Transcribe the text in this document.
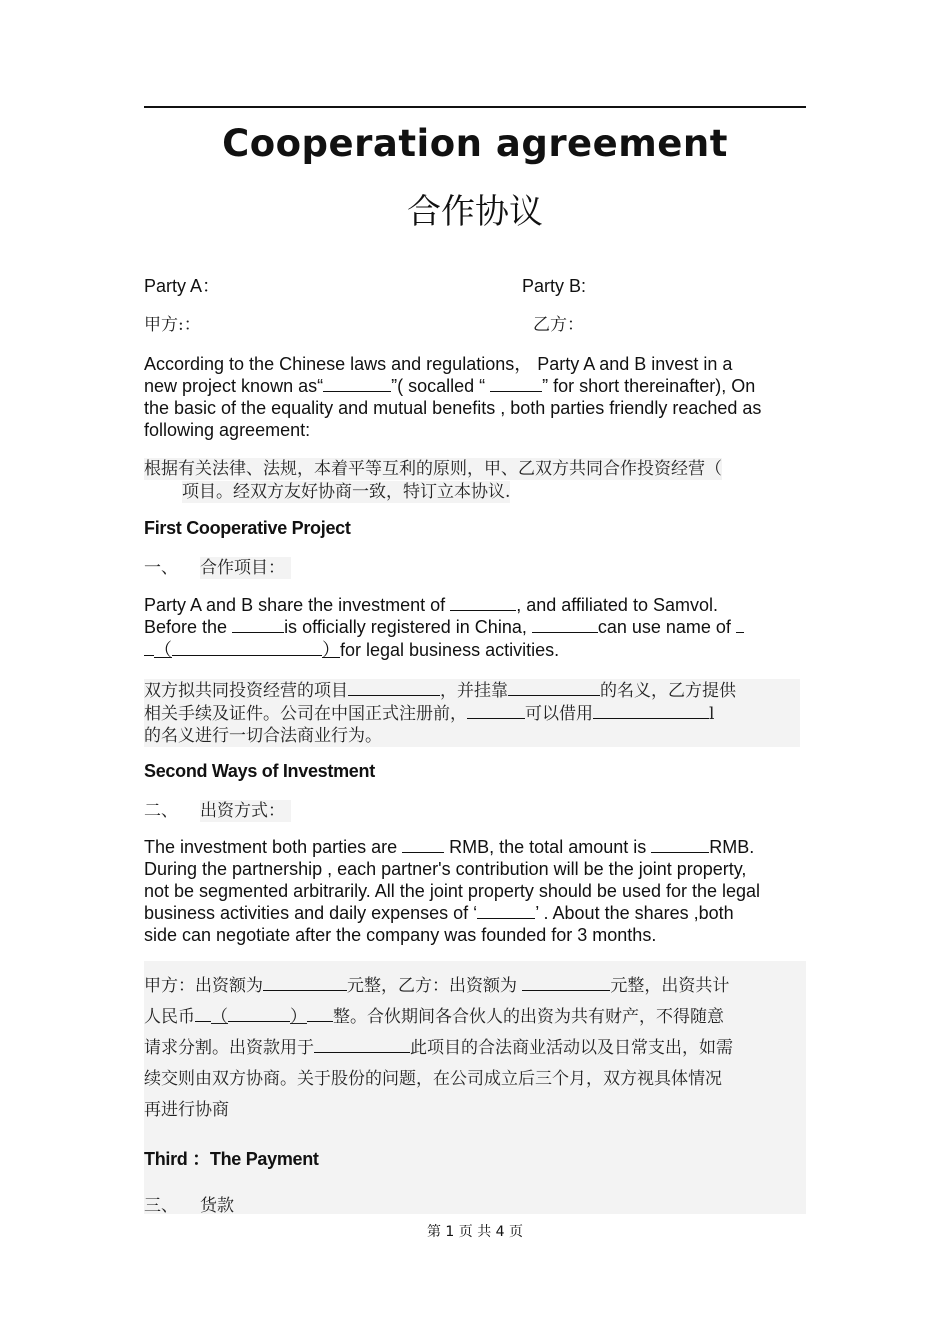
Cooperation agreement
合作协议
Party A：	Party B:
甲方:：	乙方：
According to the Chinese laws and regulations， Party A and B invest in a
new project known as“	”( socalled “	” for short thereinafter), On
the basic of the equality and mutual benefits , both parties friendly reached as
following agreement:
根据有关法律、法规，本着平等互利的原则，甲、乙双方共同合作投资经营（
项目。经双方友好协商一致，特订立本协议.
First Cooperative Project
一、 合作项目：
Party A and B share the investment of	, and affiliated to Samvol.
Before the	is officially registered in China,	can use name of
（	）for legal business activities.
双方拟共同投资经营的项目	，并挂靠	的名义，乙方提供
相关手续及证件。公司在中国正式注册前，	可以借用	l
的名义进行一切合法商业行为。
Second Ways of Investment
二、 出资方式：
The investment both parties are  RMB, the total amount is	RMB.
During the partnership , each partner's contribution will be the joint property,
not be segmented arbitrarily. All the joint property should be used for the legal
business activities and daily expenses of ‘	’ . About the shares ,both
side can negotiate after the company was founded for 3 months.
甲方：出资额为	元整，乙方：出资额为	元整，出资共计
人民币 （	） 整。合伙期间各合伙人的出资为共有财产，不得随意
请求分割。出资款用于	此项目的合法商业活动以及日常支出，如需
续交则由双方协商。关于股份的问题，在公司成立后三个月，双方视具体情况
再进行协商
Third ：The Payment
三、 货款
第 1 页 共 4 页
